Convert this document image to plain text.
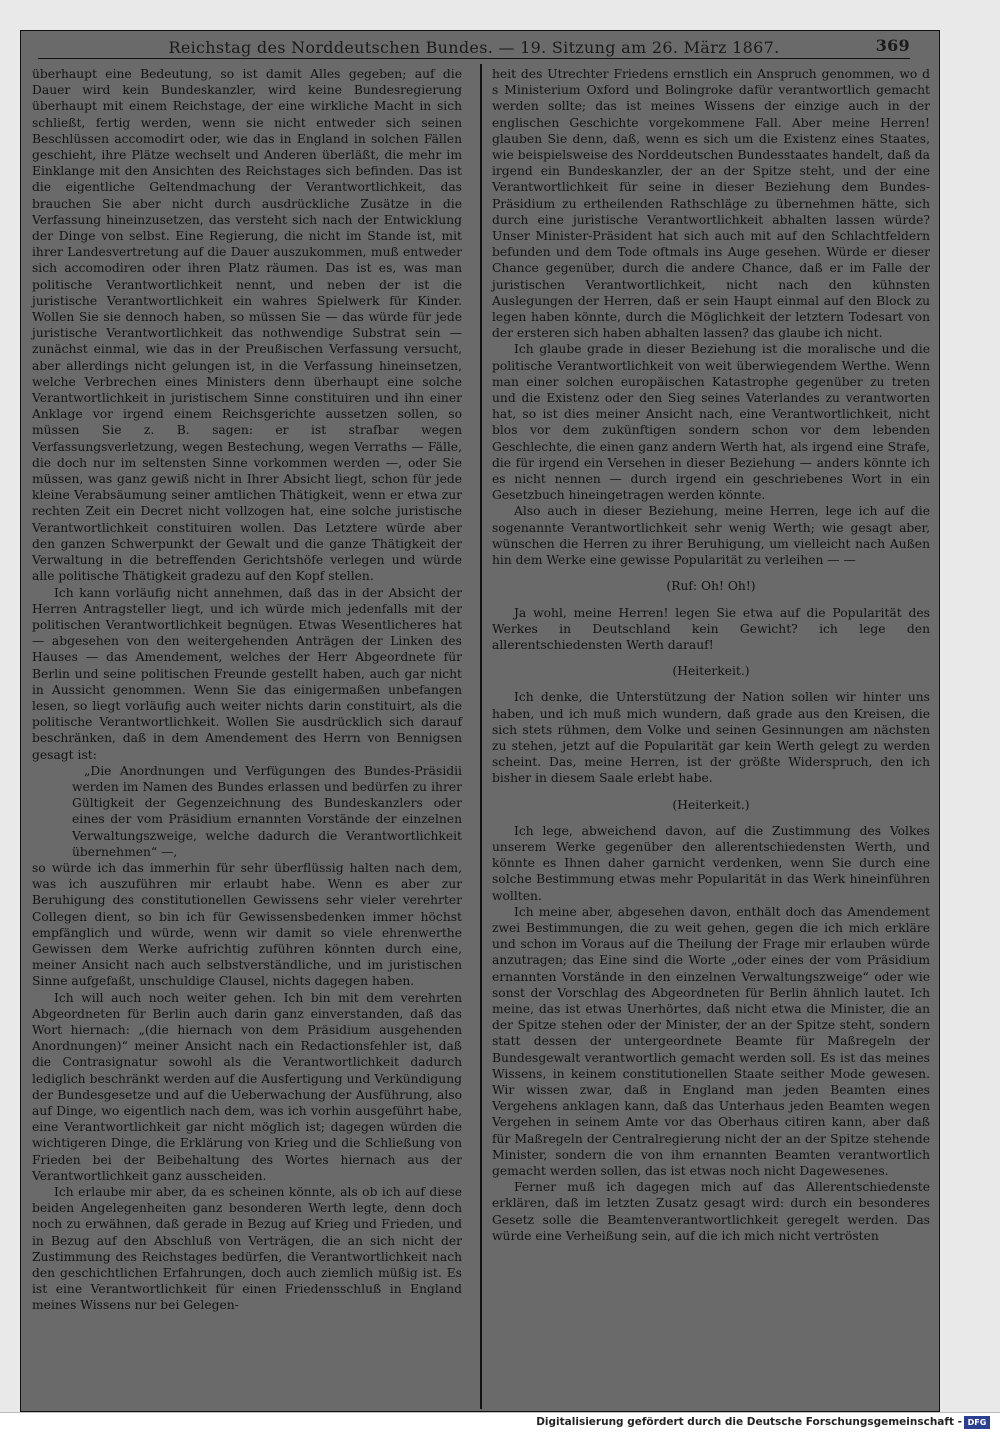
Reichstag des Norddeutschen Bundes. — 19. Sitzung am 26. März 1867.	369

überhaupt eine Bedeutung, so ist damit Alles gegeben; auf die Dauer wird kein Bundeskanzler, wird keine Bundesregierung überhaupt mit einem Reichstage, der eine wirkliche Macht in sich schließt, fertig werden, wenn sie nicht entweder sich seinen Beschlüssen accomodirt oder, wie das in England in solchen Fällen geschieht, ihre Plätze wechselt und Anderen überläßt, die mehr im Einklange mit den Ansichten des Reichstages sich befinden. Das ist die eigentliche Geltendmachung der Verantwortlichkeit, das brauchen Sie aber nicht durch ausdrückliche Zusätze in die Verfassung hineinzusetzen, das versteht sich nach der Entwicklung der Dinge von selbst. Eine Regierung, die nicht im Stande ist, mit ihrer Landesvertretung auf die Dauer auszukommen, muß entweder sich accomodiren oder ihren Platz räumen. Das ist es, was man politische Verantwortlichkeit nennt, und neben der ist die juristische Verantwortlichkeit ein wahres Spielwerk für Kinder. Wollen Sie sie dennoch haben, so müssen Sie — das würde für jede juristische Verantwortlichkeit das nothwendige Substrat sein — zunächst einmal, wie das in der Preußischen Verfassung versucht, aber allerdings nicht gelungen ist, in die Verfassung hineinsetzen, welche Verbrechen eines Ministers denn überhaupt eine solche Verantwortlichkeit in juristischem Sinne constituiren und ihn einer Anklage vor irgend einem Reichsgerichte aussetzen sollen, so müssen Sie z. B. sagen: er ist strafbar wegen Verfassungsverletzung, wegen Bestechung, wegen Verraths — Fälle, die doch nur im seltensten Sinne vorkommen werden —, oder Sie müssen, was ganz gewiß nicht in Ihrer Absicht liegt, schon für jede kleine Verabsäumung seiner amtlichen Thätigkeit, wenn er etwa zur rechten Zeit ein Decret nicht vollzogen hat, eine solche juristische Verantwortlichkeit constituiren wollen. Das Letztere würde aber den ganzen Schwerpunkt der Gewalt und die ganze Thätigkeit der Verwaltung in die betreffenden Gerichtshöfe verlegen und würde alle politische Thätigkeit gradezu auf den Kopf stellen.

Ich kann vorläufig nicht annehmen, daß das in der Absicht der Herren Antragsteller liegt, und ich würde mich jedenfalls mit der politischen Verantwortlichkeit begnügen. Etwas Wesentlicheres hat — abgesehen von den weitergehenden Anträgen der Linken des Hauses — das Amendement, welches der Herr Abgeordnete für Berlin und seine politischen Freunde gestellt haben, auch gar nicht in Aussicht genommen. Wenn Sie das einigermaßen unbefangen lesen, so liegt vorläufig auch weiter nichts darin constituirt, als die politische Verantwortlichkeit. Wollen Sie ausdrücklich sich darauf beschränken, daß in dem Amendement des Herrn von Bennigsen gesagt ist:

„Die Anordnungen und Verfügungen des Bundes-Präsidii werden im Namen des Bundes erlassen und bedürfen zu ihrer Gültigkeit der Gegenzeichnung des Bundeskanzlers oder eines der vom Präsidium ernannten Vorstände der einzelnen Verwaltungszweige, welche dadurch die Verantwortlichkeit übernehmen“ —,

so würde ich das immerhin für sehr überflüssig halten nach dem, was ich auszuführen mir erlaubt habe. Wenn es aber zur Beruhigung des constitutionellen Gewissens sehr vieler verehrter Collegen dient, so bin ich für Gewissensbedenken immer höchst empfänglich und würde, wenn wir damit so viele ehrenwerthe Gewissen dem Werke aufrichtig zuführen könnten durch eine, meiner Ansicht nach auch selbstverständliche, und im juristischen Sinne aufgefaßt, unschuldige Clausel, nichts dagegen haben.

Ich will auch noch weiter gehen. Ich bin mit dem verehrten Abgeordneten für Berlin auch darin ganz einverstanden, daß das Wort hiernach: „(die hiernach von dem Präsidium ausgehenden Anordnungen)“ meiner Ansicht nach ein Redactionsfehler ist, daß die Contrasignatur sowohl als die Verantwortlichkeit dadurch lediglich beschränkt werden auf die Ausfertigung und Verkündigung der Bundesgesetze und auf die Ueberwachung der Ausführung, also auf Dinge, wo eigentlich nach dem, was ich vorhin ausgeführt habe, eine Verantwortlichkeit gar nicht möglich ist; dagegen würden die wichtigeren Dinge, die Erklärung von Krieg und die Schließung von Frieden bei der Beibehaltung des Wortes hiernach aus der Verantwortlichkeit ganz ausscheiden.

Ich erlaube mir aber, da es scheinen könnte, als ob ich auf diese beiden Angelegenheiten ganz besonderen Werth legte, denn doch noch zu erwähnen, daß gerade in Bezug auf Krieg und Frieden, und in Bezug auf den Abschluß von Verträgen, die an sich nicht der Zustimmung des Reichstages bedürfen, die Verantwortlichkeit nach den geschichtlichen Erfahrungen, doch auch ziemlich müßig ist. Es ist eine Verantwortlichkeit für einen Friedensschluß in England meines Wissens nur bei Gelegen-

heit des Utrechter Friedens ernstlich ein Anspruch genommen, wo d s Ministerium Oxford und Bolingroke dafür verantwortlich gemacht werden sollte; das ist meines Wissens der einzige auch in der englischen Geschichte vorgekommene Fall. Aber meine Herren! glauben Sie denn, daß, wenn es sich um die Existenz eines Staates, wie beispielsweise des Norddeutschen Bundesstaates handelt, daß da irgend ein Bundeskanzler, der an der Spitze steht, und der eine Verantwortlichkeit für seine in dieser Beziehung dem Bundes-Präsidium zu ertheilenden Rathschläge zu übernehmen hätte, sich durch eine juristische Verantwortlichkeit abhalten lassen würde? Unser Minister-Präsident hat sich auch mit auf den Schlachtfeldern befunden und dem Tode oftmals ins Auge gesehen. Würde er dieser Chance gegenüber, durch die andere Chance, daß er im Falle der juristischen Verantwortlichkeit, nicht nach den kühnsten Auslegungen der Herren, daß er sein Haupt einmal auf den Block zu legen haben könnte, durch die Möglichkeit der letztern Todesart von der ersteren sich haben abhalten lassen? das glaube ich nicht.

Ich glaube grade in dieser Beziehung ist die moralische und die politische Verantwortlichkeit von weit überwiegendem Werthe. Wenn man einer solchen europäischen Katastrophe gegenüber zu treten und die Existenz oder den Sieg seines Vaterlandes zu verantworten hat, so ist dies meiner Ansicht nach, eine Verantwortlichkeit, nicht blos vor dem zukünftigen sondern schon vor dem lebenden Geschlechte, die einen ganz andern Werth hat, als irgend eine Strafe, die für irgend ein Versehen in dieser Beziehung — anders könnte ich es nicht nennen — durch irgend ein geschriebenes Wort in ein Gesetzbuch hineingetragen werden könnte.

Also auch in dieser Beziehung, meine Herren, lege ich auf die sogenannte Verantwortlichkeit sehr wenig Werth; wie gesagt aber, wünschen die Herren zu ihrer Beruhigung, um vielleicht nach Außen hin dem Werke eine gewisse Popularität zu verleihen — —

(Ruf: Oh! Oh!)

Ja wohl, meine Herren! legen Sie etwa auf die Popularität des Werkes in Deutschland kein Gewicht? ich lege den allerentschiedensten Werth darauf!

(Heiterkeit.)

Ich denke, die Unterstützung der Nation sollen wir hinter uns haben, und ich muß mich wundern, daß grade aus den Kreisen, die sich stets rühmen, dem Volke und seinen Gesinnungen am nächsten zu stehen, jetzt auf die Popularität gar kein Werth gelegt zu werden scheint. Das, meine Herren, ist der größte Widerspruch, den ich bisher in diesem Saale erlebt habe.

(Heiterkeit.)

Ich lege, abweichend davon, auf die Zustimmung des Volkes unserem Werke gegenüber den allerentschiedensten Werth, und könnte es Ihnen daher garnicht verdenken, wenn Sie durch eine solche Bestimmung etwas mehr Popularität in das Werk hineinführen wollten.

Ich meine aber, abgesehen davon, enthält doch das Amendement zwei Bestimmungen, die zu weit gehen, gegen die ich mich erkläre und schon im Voraus auf die Theilung der Frage mir erlauben würde anzutragen; das Eine sind die Worte „oder eines der vom Präsidium ernannten Vorstände in den einzelnen Verwaltungszweige“ oder wie sonst der Vorschlag des Abgeordneten für Berlin ähnlich lautet. Ich meine, das ist etwas Unerhörtes, daß nicht etwa die Minister, die an der Spitze stehen oder der Minister, der an der Spitze steht, sondern statt dessen der untergeordnete Beamte für Maßregeln der Bundesgewalt verantwortlich gemacht werden soll. Es ist das meines Wissens, in keinem constitutionellen Staate seither Mode gewesen. Wir wissen zwar, daß in England man jeden Beamten eines Vergehens anklagen kann, daß das Unterhaus jeden Beamten wegen Vergehen in seinem Amte vor das Oberhaus citiren kann, aber daß für Maßregeln der Centralregierung nicht der an der Spitze stehende Minister, sondern die von ihm ernannten Beamten verantwortlich gemacht werden sollen, das ist etwas noch nicht Dagewesenes.

Ferner muß ich dagegen mich auf das Allerentschiedenste erklären, daß im letzten Zusatz gesagt wird: durch ein besonderes Gesetz solle die Beamtenverantwortlichkeit geregelt werden. Das würde eine Verheißung sein, auf die ich mich nicht vertrösten

Digitalisierung gefördert durch die Deutsche Forschungsgemeinschaft - DFG
